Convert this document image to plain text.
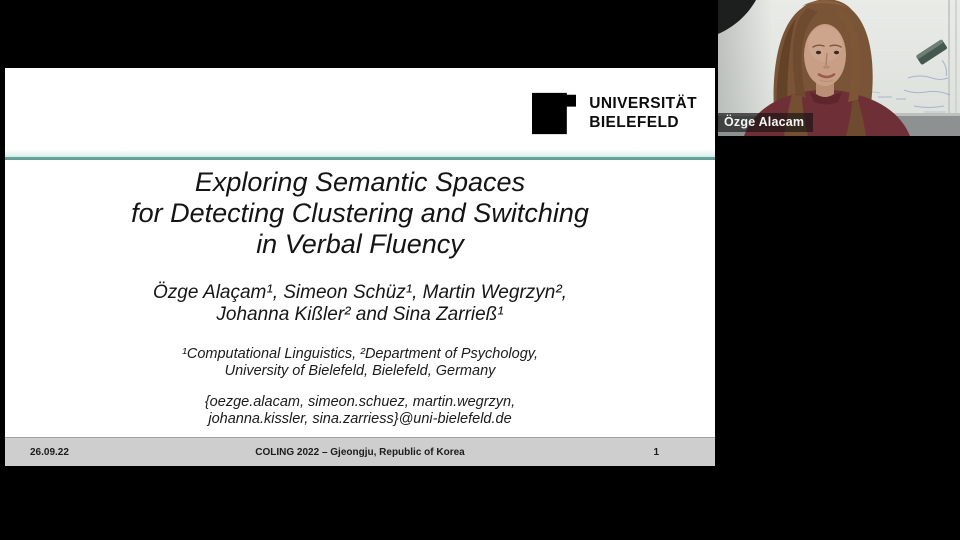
UNIVERSITÄT
BIELEFELD
Exploring Semantic Spaces
for Detecting Clustering and Switching
in Verbal Fluency

Özge Alaçam¹, Simeon Schüz¹, Martin Wegrzyn²,
Johanna Kißler² and Sina Zarrieß¹

¹Computational Linguistics, ²Department of Psychology,
University of Bielefeld, Bielefeld, Germany

{oezge.alacam, simeon.schuez, martin.wegrzyn,
johanna.kissler, sina.zarriess}@uni-bielefeld.de

26.09.22	COLING 2022 – Gjeongju, Republic of Korea	1
Özge Alacam
